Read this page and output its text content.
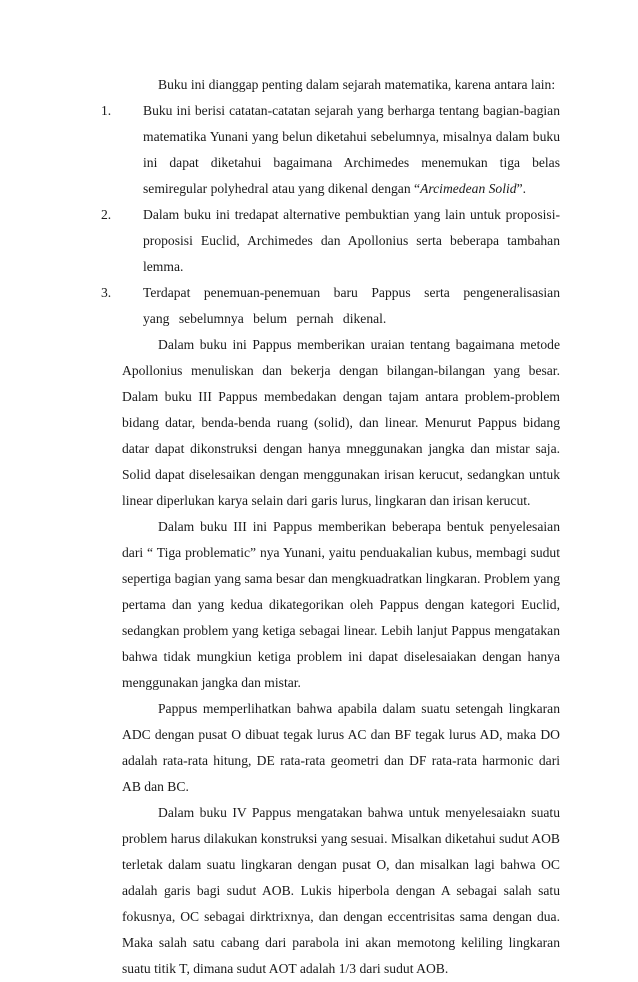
Buku ini dianggap penting dalam sejarah matematika, karena antara lain:

1.	Buku ini berisi catatan-catatan sejarah yang berharga tentang bagian-bagian matematika Yunani yang belun diketahui sebelumnya, misalnya dalam buku ini dapat diketahui bagaimana Archimedes menemukan tiga belas semiregular polyhedral atau yang dikenal dengan “Arcimedean Solid”.
2.	Dalam buku ini tredapat alternative pembuktian yang lain untuk proposisi-proposisi Euclid, Archimedes dan Apollonius serta beberapa tambahan lemma.
3.	Terdapat penemuan-penemuan baru Pappus serta pengeneralisasian yang sebelumnya belum pernah dikenal.

Dalam buku ini Pappus memberikan uraian tentang bagaimana metode Apollonius menuliskan dan bekerja dengan bilangan-bilangan yang besar. Dalam buku III Pappus membedakan dengan tajam antara problem-problem bidang datar, benda-benda ruang (solid), dan linear. Menurut Pappus bidang datar dapat dikonstruksi dengan hanya mneggunakan jangka dan mistar saja. Solid dapat diselesaikan dengan menggunakan irisan kerucut, sedangkan untuk linear diperlukan karya selain dari garis lurus, lingkaran dan irisan kerucut.

Dalam buku III ini Pappus memberikan beberapa bentuk penyelesaian dari “ Tiga problematic” nya Yunani, yaitu penduakalian kubus, membagi sudut sepertiga bagian yang sama besar dan mengkuadratkan lingkaran. Problem yang pertama dan yang kedua dikategorikan oleh Pappus dengan kategori Euclid, sedangkan problem yang ketiga sebagai linear. Lebih lanjut Pappus mengatakan bahwa tidak mungkiun ketiga problem ini dapat diselesaiakan dengan hanya menggunakan jangka dan mistar.

Pappus memperlihatkan bahwa apabila dalam suatu setengah lingkaran ADC dengan pusat O dibuat tegak lurus AC dan BF tegak lurus AD, maka DO adalah rata-rata hitung, DE rata-rata geometri dan DF rata-rata harmonic dari AB dan BC.

Dalam buku IV Pappus mengatakan bahwa untuk menyelesaiakn suatu problem harus dilakukan konstruksi yang sesuai. Misalkan diketahui sudut AOB terletak dalam suatu lingkaran dengan pusat O, dan misalkan lagi bahwa OC adalah garis bagi sudut AOB. Lukis hiperbola dengan A sebagai salah satu fokusnya, OC sebagai dirktrixnya, dan dengan eccentrisitas sama dengan dua. Maka salah satu cabang dari parabola ini akan memotong keliling lingkaran suatu titik T, dimana sudut AOT adalah 1/3 dari sudut AOB.
